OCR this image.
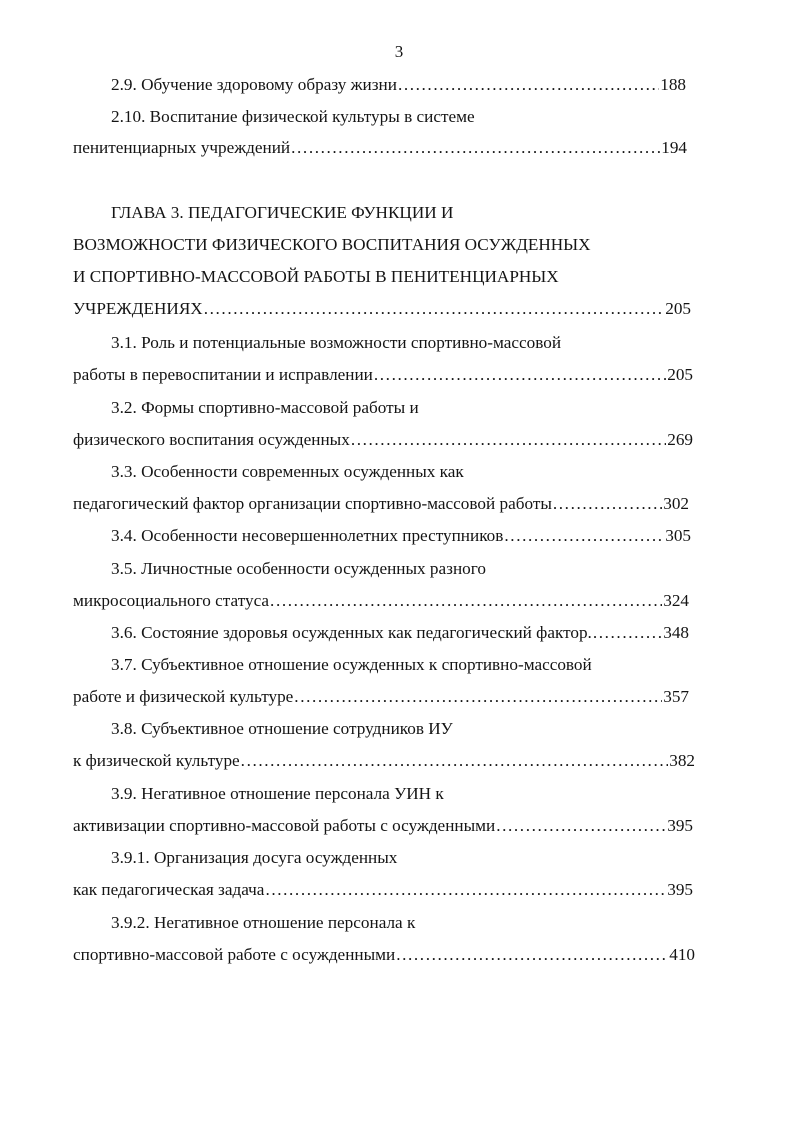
3
2.9. Обучение здоровому образу жизни .....	188
2.10. Воспитание физической культуры в системе
пенитенциарных учреждений .....	194
ГЛАВА 3. ПЕДАГОГИЧЕСКИЕ ФУНКЦИИ И
ВОЗМОЖНОСТИ ФИЗИЧЕСКОГО ВОСПИТАНИЯ ОСУЖДЕННЫХ
И СПОРТИВНО-МАССОВОЙ РАБОТЫ В ПЕНИТЕНЦИАРНЫХ
УЧРЕЖДЕНИЯХ .....	205
3.1. Роль и потенциальные возможности спортивно-массовой
работы в перевоспитании и исправлении .....	205
3.2. Формы спортивно-массовой работы и
физического воспитания осужденных .....	269
3.3. Особенности современных осужденных как
педагогический фактор организации спортивно-массовой работы .....	302
3.4. Особенности несовершеннолетних преступников .....	305
3.5. Личностные особенности осужденных разного
микросоциального статуса .....	324
3.6. Состояние здоровья осужденных как педагогический фактор. .....	348
3.7. Субъективное отношение осужденных к спортивно-массовой
работе и физической культуре .....	357
3.8. Субъективное отношение сотрудников ИУ
к физической культуре .....	382
3.9. Негативное отношение персонала УИН к
активизации спортивно-массовой работы с осужденными .....	395
3.9.1. Организация досуга осужденных
как педагогическая задача .....	395
3.9.2. Негативное отношение персонала к
спортивно-массовой работе с осужденными .....	410
